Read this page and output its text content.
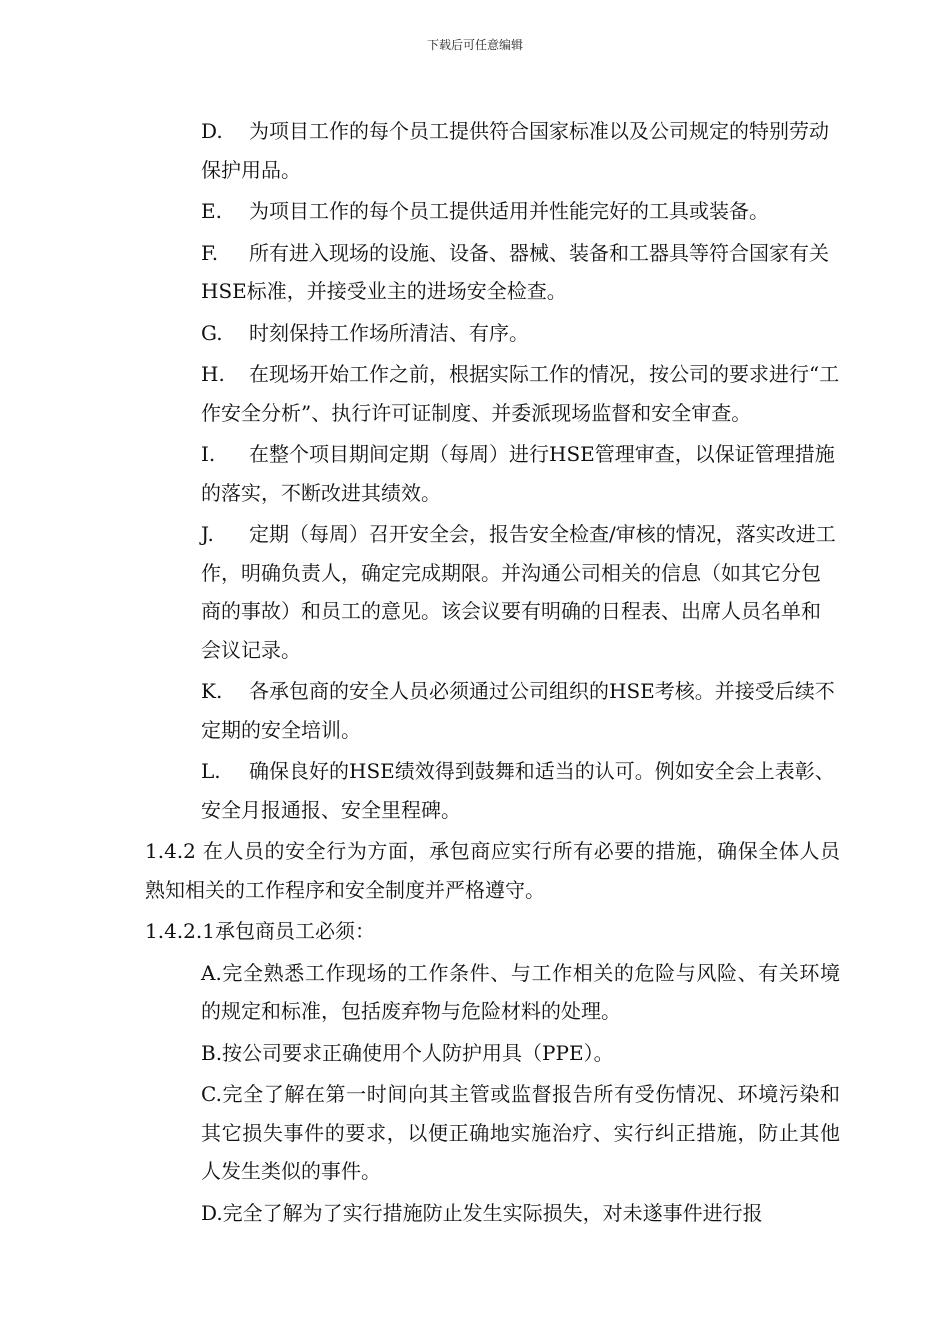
下载后可任意编辑
D. 为项目工作的每个员工提供符合国家标准以及公司规定的特别劳动保护用品。
E. 为项目工作的每个员工提供适用并性能完好的工具或装备。
F. 所有进入现场的设施、设备、器械、装备和工器具等符合国家有关HSE标准，并接受业主的进场安全检查。
G. 时刻保持工作场所清洁、有序。
H. 在现场开始工作之前，根据实际工作的情况，按公司的要求进行“工作安全分析”、执行许可证制度、并委派现场监督和安全审查。
I. 在整个项目期间定期（每周）进行HSE管理审查，以保证管理措施的落实，不断改进其绩效。
J. 定期（每周）召开安全会，报告安全检查/审核的情况，落实改进工作，明确负责人，确定完成期限。并沟通公司相关的信息（如其它分包商的事故）和员工的意见。该会议要有明确的日程表、出席人员名单和会议记录。
K. 各承包商的安全人员必须通过公司组织的HSE考核。并接受后续不定期的安全培训。
L. 确保良好的HSE绩效得到鼓舞和适当的认可。例如安全会上表彰、安全月报通报、安全里程碑。
1.4.2 在人员的安全行为方面，承包商应实行所有必要的措施，确保全体人员熟知相关的工作程序和安全制度并严格遵守。
1.4.2.1承包商员工必须：
A.完全熟悉工作现场的工作条件、与工作相关的危险与风险、有关环境的规定和标准，包括废弃物与危险材料的处理。
B.按公司要求正确使用个人防护用具（PPE）。
C.完全了解在第一时间向其主管或监督报告所有受伤情况、环境污染和其它损失事件的要求，以便正确地实施治疗、实行纠正措施，防止其他人发生类似的事件。
D.完全了解为了实行措施防止发生实际损失，对未遂事件进行报
